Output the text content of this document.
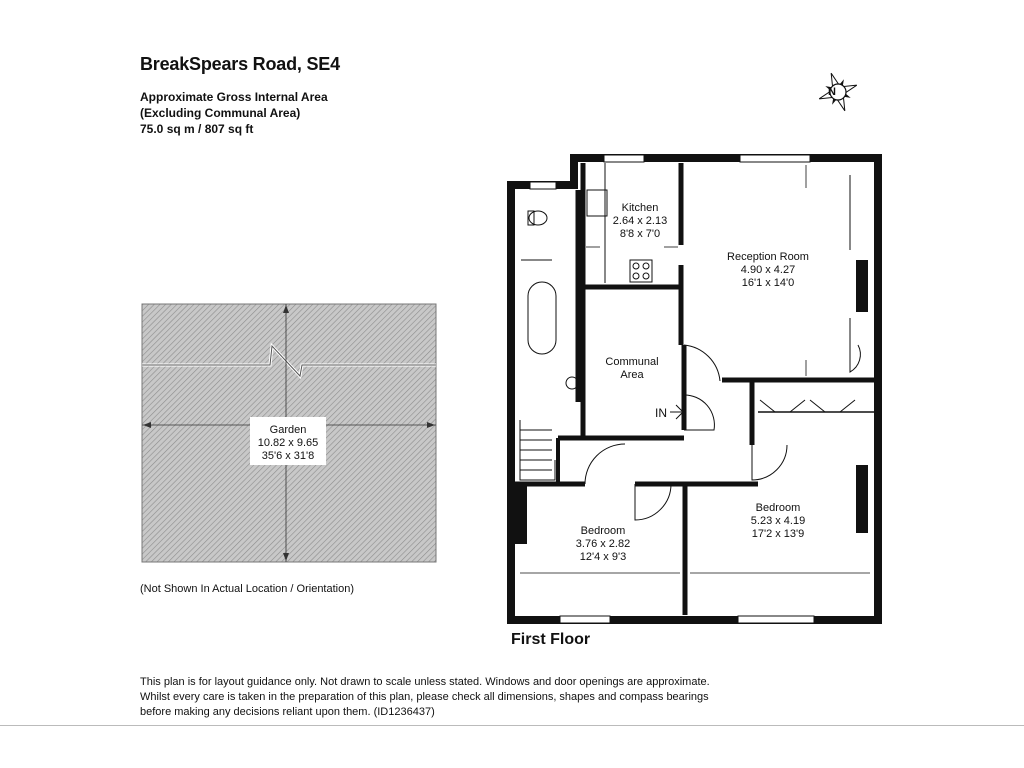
BreakSpears Road, SE4
Approximate Gross Internal Area
(Excluding Communal Area)
75.0 sq m / 807 sq ft
Garden
10.82 x 9.65
35'6 x 31'8
(Not Shown In Actual Location / Orientation)
N
Kitchen
2.64 x 2.13
8'8 x 7'0
Reception Room
4.90 x 4.27
16'1 x 14'0
Communal
Area
IN
Bedroom
3.76 x 2.82
12'4 x 9'3
Bedroom
5.23 x 4.19
17'2 x 13'9
First Floor
This plan is for layout guidance only. Not drawn to scale unless stated. Windows and door openings are approximate.
Whilst every care is taken in the preparation of this plan, please check all dimensions, shapes and compass bearings
before making any decisions reliant upon them. (ID1236437)
